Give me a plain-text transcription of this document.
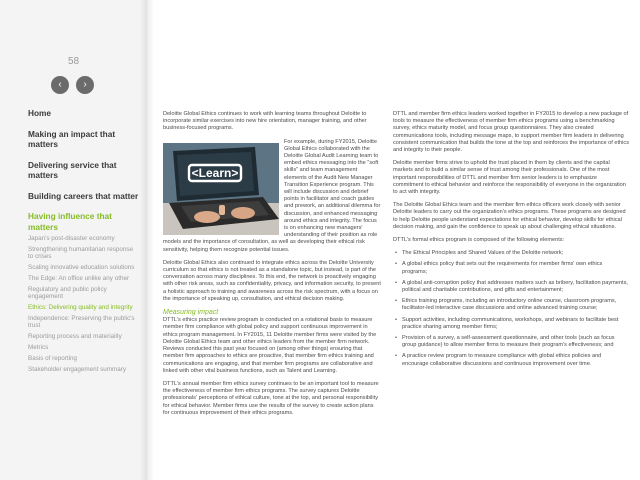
58
‹	›
Home
Making an impact that matters
Delivering service that matters
Building careers that matter
Having influence that matters
Japan's post-disaster economy
Strengthening humanitarian response to crises
Scaling innovative education solutions
The Edge: An office unlike any other
Regulatory and public policy engagement
Ethics: Delivering quality and integrity
Independence: Preserving the public's trust
Reporting process and materiality
Metrics
Basis of reporting
Stakeholder engagement summary

Deloitte Global Ethics continues to work with learning teams throughout Deloitte to incorporate similar exercises into new hire orientation, manager training, and other business-focused programs.

<Learn>

For example, during FY2015, Deloitte Global Ethics collaborated with the Deloitte Global Audit Learning team to embed ethics messaging into the "soft skills" and team management elements of the Audit New Manager Transition Experience program. This will include discussion and debrief points in facilitator and coach guides and prework, an additional dilemma for discussion, and enhanced messaging around ethics and integrity. The focus is on enhancing new managers' understanding of their position as role models and the importance of consultation, as well as developing their ethical risk sensitivity, helping them recognize potential issues.

Deloitte Global Ethics also continued to integrate ethics across the Deloitte University curriculum so that ethics is not treated as a standalone topic, but instead, is part of the conversation across many disciplines. To this end, the network is proactively engaging with other risk areas, such as confidentiality, privacy, and information security, to present a holistic approach to training and awareness across the risk spectrum, with a focus on the importance of speaking up, consultation, and ethical decision making.

Measuring impact

DTTL's ethics practice review program is conducted on a rotational basis to measure member firm compliance with global policy and support continuous improvement in ethics program management. In FY2015, 11 Deloitte member firms were visited by the Deloitte Global Ethics team and other ethics leaders from the member firm network. Reviews conducted this past year focused on (among other things) ensuring that member firm approaches to ethics are proactive, that member firm ethics training and communications are engaging, and that member firm programs are collaborative and linked with other vital business functions, such as Talent and Learning.

DTTL's annual member firm ethics survey continues to be an important tool to measure the effectiveness of member firm ethics programs. The survey captures Deloitte professionals' perceptions of ethical culture, tone at the top, and personal responsibility for ethical behavior. Member firms use the results of the survey to create action plans for continuous improvement of their ethics programs.

DTTL and member firm ethics leaders worked together in FY2015 to develop a new package of tools to measure the effectiveness of member firm ethics programs using a benchmarking survey, ethics maturity model, and focus group questionnaires. They also created communications tools, including message maps, to support member firm leaders in delivering consistent communication that builds the tone at the top and reinforces the importance of ethics and integrity to their people.

Deloitte member firms strive to uphold the trust placed in them by clients and the capital markets and to build a similar sense of trust among their professionals. One of the most important responsibilities of DTTL and member firm senior leaders is to emphasize commitment to ethical behavior and reinforce the responsibility of everyone in the organization to act with integrity.

The Deloitte Global Ethics team and the member firm ethics officers work closely with senior Deloitte leaders to carry out the organization's ethics programs. These programs are designed to help Deloitte people understand expectations for ethical behavior, develop skills for ethical decision making, and gain the confidence to speak up about challenging ethical situations.

DTTL's formal ethics program is composed of the following elements:

• The Ethical Principles and Shared Values of the Deloitte network;
• A global ethics policy that sets out the requirements for member firms' own ethics programs;
• A global anti-corruption policy that addresses matters such as bribery, facilitation payments, political and charitable contributions, and gifts and entertainment;
• Ethics training programs, including an introductory online course, classroom programs, facilitator-led interactive case discussions and online advanced training course;
• Support activities, including communications, workshops, and webinars to facilitate best practice sharing among member firms;
• Provision of a survey, a self-assessment questionnaire, and other tools (such as focus group guidance) to allow member firms to measure their program's effectiveness; and
• A practice review program to measure compliance with global ethics policies and encourage collaborative discussions and continuous improvement over time.
